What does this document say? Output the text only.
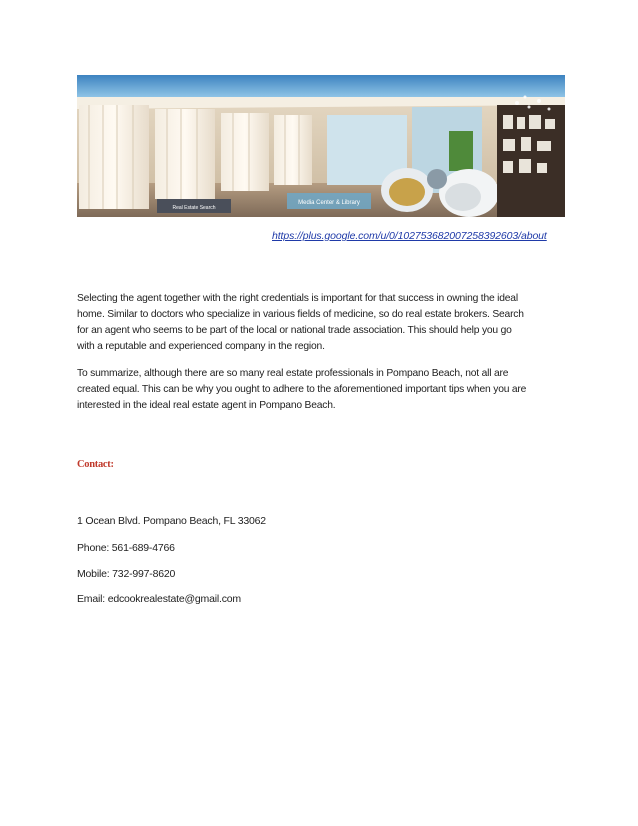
Real Estate Search
Media Center & Library
https://plus.google.com/u/0/102753682007258392603/about

Selecting the agent together with the right credentials is important for that success in owning the ideal

home. Similar to doctors who specialize in various fields of medicine, so do real estate brokers. Search

for an agent who seems to be part of the local or national trade association. This should help you go

with a reputable and experienced company in the region.

To summarize, although there are so many real estate professionals in Pompano Beach, not all are

created equal. This can be why you ought to adhere to the aforementioned important tips when you are

interested in the ideal real estate agent in Pompano Beach.

Contact:
1 Ocean Blvd. Pompano Beach, FL 33062
Phone: 561-689-4766
Mobile: 732-997-8620
Email: edcookrealestate@gmail.com
